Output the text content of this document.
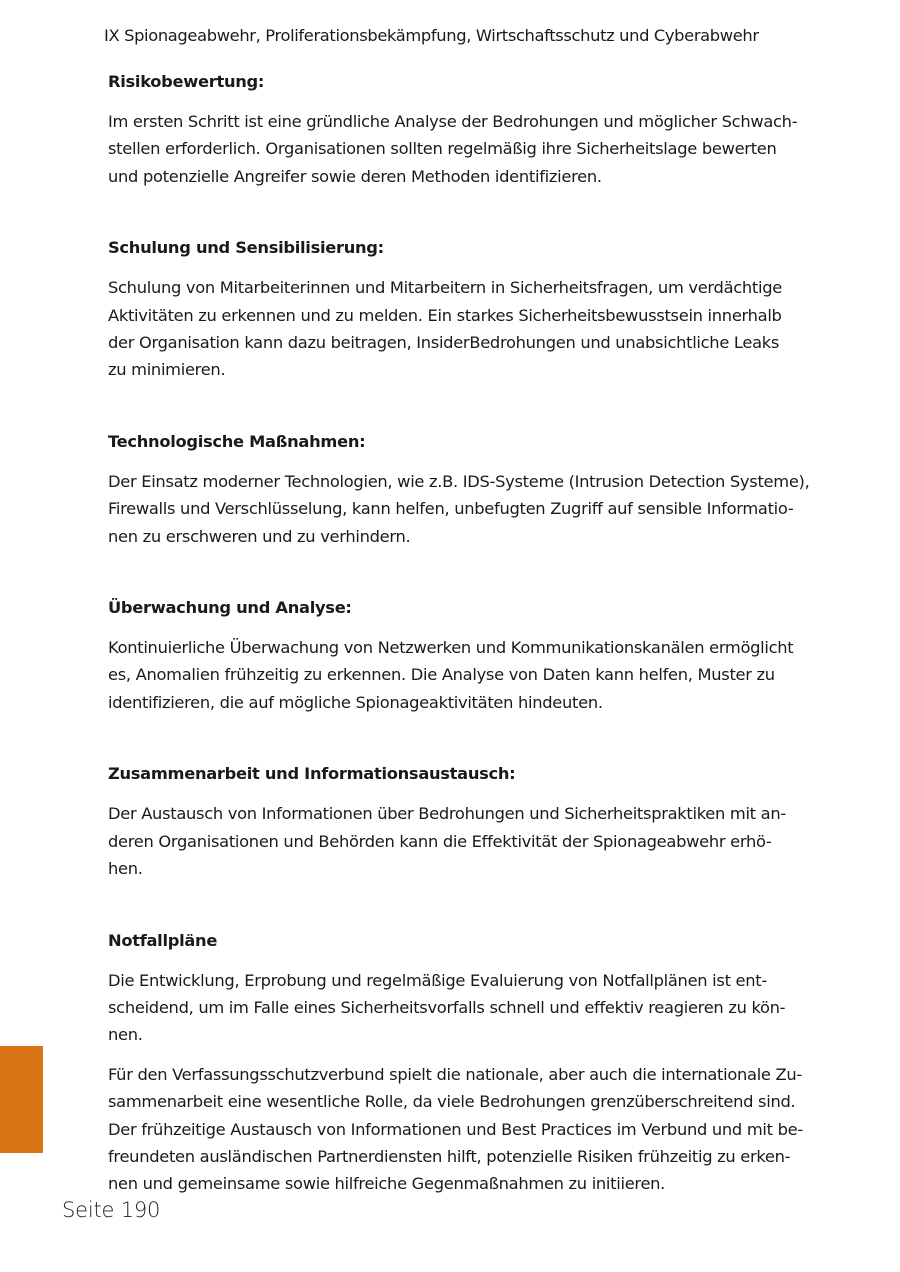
IX Spionageabwehr, Proliferationsbekämpfung, Wirtschaftsschutz und Cyberabwehr
Risikobewertung:

Im ersten Schritt ist eine gründliche Analyse der Bedrohungen und möglicher Schwach-
stellen erforderlich. Organisationen sollten regelmäßig ihre Sicherheitslage bewerten
und potenzielle Angreifer sowie deren Methoden identifizieren.

Schulung und Sensibilisierung:

Schulung von Mitarbeiterinnen und Mitarbeitern in Sicherheitsfragen, um verdächtige
Aktivitäten zu erkennen und zu melden. Ein starkes Sicherheitsbewusstsein innerhalb
der Organisation kann dazu beitragen, InsiderBedrohungen und unabsichtliche Leaks
zu minimieren.

Technologische Maßnahmen:

Der Einsatz moderner Technologien, wie z.B. IDS-Systeme (Intrusion Detection Systeme),
Firewalls und Verschlüsselung, kann helfen, unbefugten Zugriff auf sensible Informatio-
nen zu erschweren und zu verhindern.

Überwachung und Analyse:

Kontinuierliche Überwachung von Netzwerken und Kommunikationskanälen ermöglicht
es, Anomalien frühzeitig zu erkennen. Die Analyse von Daten kann helfen, Muster zu
identifizieren, die auf mögliche Spionageaktivitäten hindeuten.

Zusammenarbeit und Informationsaustausch:

Der Austausch von Informationen über Bedrohungen und Sicherheitspraktiken mit an-
deren Organisationen und Behörden kann die Effektivität der Spionageabwehr erhö-
hen.

Notfallpläne

Die Entwicklung, Erprobung und regelmäßige Evaluierung von Notfallplänen ist ent-
scheidend, um im Falle eines Sicherheitsvorfalls schnell und effektiv reagieren zu kön-
nen.

Für den Verfassungsschutzverbund spielt die nationale, aber auch die internationale Zu-
sammenarbeit eine wesentliche Rolle, da viele Bedrohungen grenzüberschreitend sind.
Der frühzeitige Austausch von Informationen und Best Practices im Verbund und mit be-
freundeten ausländischen Partnerdiensten hilft, potenzielle Risiken frühzeitig zu erken-
nen und gemeinsame sowie hilfreiche Gegenmaßnahmen zu initiieren.

Seite 190
